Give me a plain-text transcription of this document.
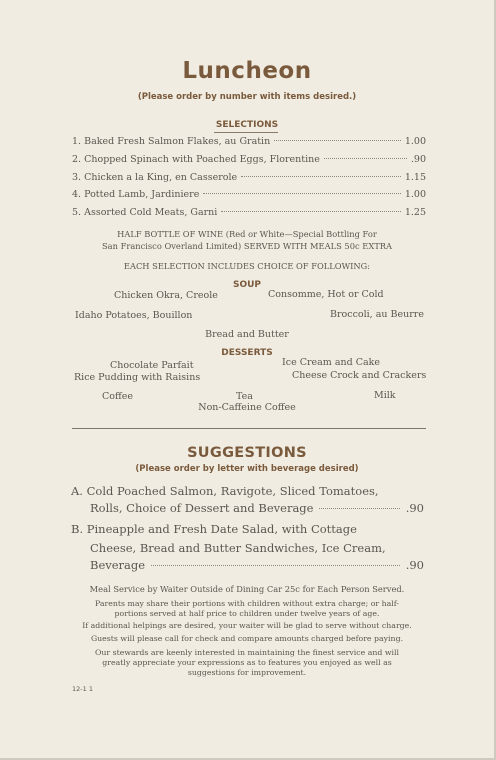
Luncheon
(Please order by number with items desired.)
SELECTIONS
1. Baked Fresh Salmon Flakes, au Gratin	1.00
2. Chopped Spinach with Poached Eggs, Florentine	.90
3. Chicken a la King, en Casserole	1.15
4. Potted Lamb, Jardiniere	1.00
5. Assorted Cold Meats, Garni	1.25
HALF BOTTLE OF WINE (Red or White—Special Bottling For
San Francisco Overland Limited) SERVED WITH MEALS 50c EXTRA
EACH SELECTION INCLUDES CHOICE OF FOLLOWING:
SOUP
Chicken Okra, Creole	Consomme, Hot or Cold
Idaho Potatoes, Bouillon	Broccoli, au Beurre
Bread and Butter
DESSERTS
Chocolate Parfait	Ice Cream and Cake
Rice Pudding with Raisins	Cheese Crock and Crackers
Coffee	Tea	Milk
Non-Caffeine Coffee
SUGGESTIONS
(Please order by letter with beverage desired)
A. Cold Poached Salmon, Ravigote, Sliced Tomatoes,
Rolls, Choice of Dessert and Beverage	.90
B. Pineapple and Fresh Date Salad, with Cottage
Cheese, Bread and Butter Sandwiches, Ice Cream,
Beverage	.90
Meal Service by Waiter Outside of Dining Car 25c for Each Person Served.
Parents may share their portions with children without extra charge; or half-
portions served at half price to children under twelve years of age.
If additional helpings are desired, your waiter will be glad to serve without charge.
Guests will please call for check and compare amounts charged before paying.
Our stewards are keenly interested in maintaining the finest service and will
greatly appreciate your expressions as to features you enjoyed as well as
suggestions for improvement.
12-1 1
